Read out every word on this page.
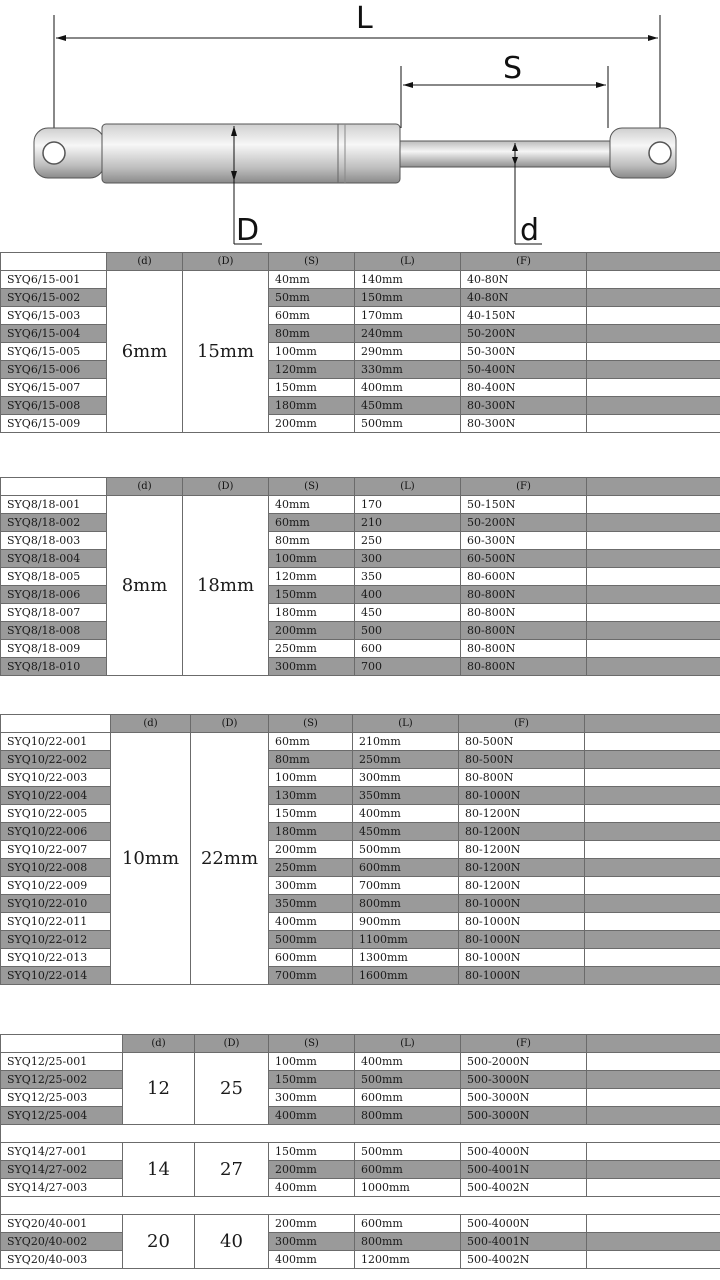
L
S
D	d
	(d)	(D)	(S)	(L)	(F)	
SYQ6/15-001	6mm	15mm	40mm	140mm	40-80N	
SYQ6/15-002			50mm	150mm	40-80N	
SYQ6/15-003			60mm	170mm	40-150N	
SYQ6/15-004			80mm	240mm	50-200N	
SYQ6/15-005			100mm	290mm	50-300N	
SYQ6/15-006			120mm	330mm	50-400N	
SYQ6/15-007			150mm	400mm	80-400N	
SYQ6/15-008			180mm	450mm	80-300N	
SYQ6/15-009			200mm	500mm	80-300N	
	(d)	(D)	(S)	(L)	(F)	
SYQ8/18-001	8mm	18mm	40mm	170	50-150N	
SYQ8/18-002			60mm	210	50-200N	
SYQ8/18-003			80mm	250	60-300N	
SYQ8/18-004			100mm	300	60-500N	
SYQ8/18-005			120mm	350	80-600N	
SYQ8/18-006			150mm	400	80-800N	
SYQ8/18-007			180mm	450	80-800N	
SYQ8/18-008			200mm	500	80-800N	
SYQ8/18-009			250mm	600	80-800N	
SYQ8/18-010			300mm	700	80-800N	
	(d)	(D)	(S)	(L)	(F)	
SYQ10/22-001	10mm	22mm	60mm	210mm	80-500N	
SYQ10/22-002			80mm	250mm	80-500N	
SYQ10/22-003			100mm	300mm	80-800N	
SYQ10/22-004			130mm	350mm	80-1000N	
SYQ10/22-005			150mm	400mm	80-1200N	
SYQ10/22-006			180mm	450mm	80-1200N	
SYQ10/22-007			200mm	500mm	80-1200N	
SYQ10/22-008			250mm	600mm	80-1200N	
SYQ10/22-009			300mm	700mm	80-1200N	
SYQ10/22-010			350mm	800mm	80-1000N	
SYQ10/22-011			400mm	900mm	80-1000N	
SYQ10/22-012			500mm	1100mm	80-1000N	
SYQ10/22-013			600mm	1300mm	80-1000N	
SYQ10/22-014			700mm	1600mm	80-1000N	
	(d)	(D)	(S)	(L)	(F)	
SYQ12/25-001	12	25	100mm	400mm	500-2000N	
SYQ12/25-002			150mm	500mm	500-3000N	
SYQ12/25-003			300mm	600mm	500-3000N	
SYQ12/25-004			400mm	800mm	500-3000N	

SYQ14/27-001	14	27	150mm	500mm	500-4000N	
SYQ14/27-002			200mm	600mm	500-4001N	
SYQ14/27-003			400mm	1000mm	500-4002N	

SYQ20/40-001	20	40	200mm	600mm	500-4000N	
SYQ20/40-002			300mm	800mm	500-4001N	
SYQ20/40-003			400mm	1200mm	500-4002N	
